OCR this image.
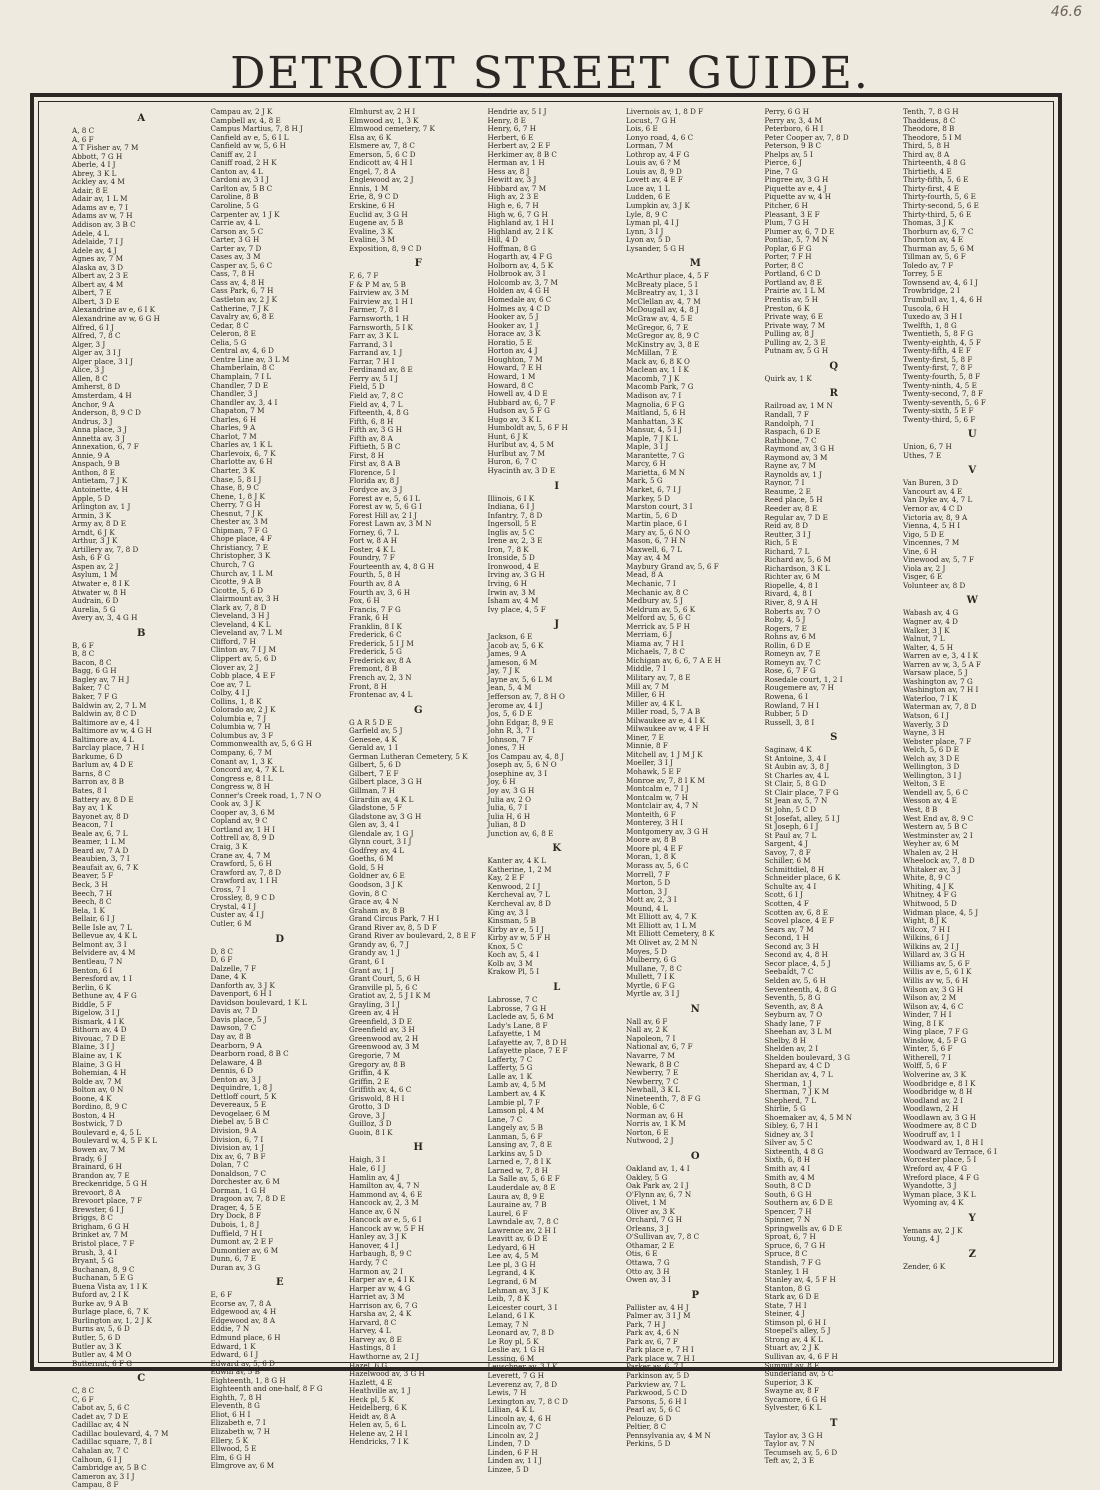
46.6
DETROIT STREET GUIDE.
A
A, 8 C
A, 6 F
A T Fisher av, 7 M
Abbott, 7 G H
Aberle, 4 I J
Abrey, 3 K L
Ackley av, 4 M
Adair, 8 E
Adair av, 1 L M
Adams av e, 7 I
Adams av w, 7 H
Addison av, 3 B C
Adele, 4 L
Adelaide, 7 I J
Adele av, 4 J
Agnes av, 7 M
Alaska av, 3 D
Albert av, 2 3 E
Albert av, 4 M
Albert, 7 E
Albert, 3 D E
Alexandrine av e, 6 I K
Alexandrine av w, 6 G H
Alfred, 6 I J
Alfred, 7, 8 C
Alger, 3 J
Alger av, 3 I J
Alger place, 3 I J
Alice, 3 J
Allen, 8 C
Amherst, 8 D
Amsterdam, 4 H
Anchor, 9 A
Anderson, 8, 9 C D
Andrus, 3 J
Anna place, 3 J
Annetta av, 3 J
Annexation, 6, 7 F
Annie, 9 A
Anspach, 9 B
Anthon, 8 E
Antietam, 7 J K
Antoinette, 4 H
Apple, 5 D
Arlington av, 1 J
Armin, 3 K
Army av, 8 D E
Arndt, 6 J K
Arthur, 3 J K
Artillery av, 7, 8 D
Ash, 6 F G
Aspen av, 2 J
Asylum, 1 M
Atwater e, 8 I K
Atwater w, 8 H
Audrain, 6 D
Aurelia, 5 G
Avery av, 3, 4 G H
B
B, 6 F
B, 8 C
Bacon, 8 C
Bagg, 6 G H
Bagley av, 7 H J
Baker, 7 C
Baker, 7 F G
Baldwin av, 2, 7 L M
Baldwin av, 8 C D
Baltimore av e, 4 I
Baltimore av w, 4 G H
Baltimore av, 4 L
Barclay place, 7 H I
Barkume, 6 D
Barlum av, 4 D E
Barns, 8 C
Barron av, 8 B
Bates, 8 I
Battery av, 8 D E
Bay av, 1 K
Bayonet av, 8 D
Beacon, 7 I
Beale av, 6, 7 L
Beamer, 1 L M
Beard av, 7 A D
Beaubien, 3, 7 I
Beaufait av, 6, 7 K
Beaver, 5 F
Beck, 3 H
Beech, 7 H
Beech, 8 C
Bela, 1 K
Bellair, 6 I J
Belle Isle av, 7 L
Bellevue av, 4 K L
Belmont av, 3 I
Belvidere av, 4 M
Bentleau, 7 N
Benton, 6 I
Beresford av, 1 I
Berlin, 6 K
Bethune av, 4 F G
Biddle, 5 F
Bigelow, 3 I J
Bismark, 4 I K
Bithorn av, 4 D
Bivouac, 7 D E
Blaine, 3 I J
Blaine av, 1 K
Blaine, 3 G H
Bohemian, 4 H
Bolde av, 7 M
Bolton av, 0 N
Boone, 4 K
Bordino, 8, 9 C
Boston, 4 H
Bostwick, 7 D
Boulevard e, 4, 5 L
Boulevard w, 4, 5 F K L
Bowen av, 7 M
Brady, 6 J
Brainard, 6 H
Brandon av, 7 E
Breckenridge, 5 G H
Brevoort, 8 A
Brevoort place, 7 F
Brewster, 6 I J
Briggs, 8 C
Brigham, 6 G H
Brinket av, 7 M
Bristol place, 7 F
Brush, 3, 4 I
Bryant, 5 G
Buchanan, 8, 9 C
Buchanan, 5 E G
Buena Vista av, 1 I K
Buford av, 2 I K
Burke av, 9 A B
Burlage place, 6, 7 K
Burlington av, 1, 2 J K
Burns av, 5, 6 D
Butler, 5, 6 D
Butler av, 3 K
Butler av, 4 M O
Butternut, 6 F G
C
C, 8 C
C, 6 F
Cabot av, 5, 6 C
Cadet av, 7 D E
Cadillac av, 4 N
Cadillac boulevard, 4, 7 M
Cadillac square, 7, 8 I
Cahalan av, 7 C
Calhoun, 6 I J
Cambridge av, 5 B C
Cameron av, 3 I J
Campau, 8 F
Campau av, 2 J K
Campbell av, 4, 8 E
Campus Martius, 7, 8 H J
Canfield av e, 5, 6 I L
Canfield av w, 5, 6 H
Caniff av, 2 I
Caniff road, 2 H K
Canton av, 4 L
Cardoni av, 3 I J
Carlton av, 5 B C
Caroline, 8 B
Caroline, 5 G
Carpenter av, 1 J K
Carrie av, 4 L
Carson av, 5 C
Carter, 3 G H
Carter av, 7 D
Cases av, 3 M
Casper av, 5, 6 C
Cass, 7, 8 H
Cass av, 4, 8 H
Cass Park, 6, 7 H
Castleton av, 2 J K
Catherine, 7 J K
Cavalry av, 6, 8 E
Cedar, 8 C
Celeron, 8 E
Celia, 5 G
Central av, 4, 6 D
Centre Line av, 3 L M
Chamberlain, 8 C
Champlain, 7 I L
Chandler, 7 D E
Chandler, 3 J
Chandler av, 3, 4 I
Chapaton, 7 M
Charles, 6 H
Charles, 9 A
Charlot, 7 M
Charles av, 1 K L
Charlevoix, 6, 7 K
Charlotte av, 6 H
Charter, 3 K
Chase, 5, 8 I J
Chase, 8, 9 C
Chene, 1, 8 J K
Cherry, 7 G H
Chesnut, 7 J K
Chester av, 3 M
Chipman, 7 F G
Chope place, 4 F
Christiancy, 7 E
Christopher, 3 K
Church, 7 G
Church av, 1 L M
Cicotte, 9 A B
Cicotte, 5, 6 D
Clairmount av, 3 H
Clark av, 7, 8 D
Cleveland, 3 H J
Cleveland, 4 K L
Cleveland av, 7 L M
Clifford, 7 H
Clinton av, 7 I J M
Clippert av, 5, 6 D
Clover av, 2 J
Cobb place, 4 E F
Coe av, 7 L
Colby, 4 I J
Collins, 1, 8 K
Colorado av, 2 J K
Columbia e, 7 J
Columbia w, 7 H
Columbus av, 3 F
Commonwealth av, 5, 6 G H
Company, 6, 7 M
Conant av, 1, 3 K
Concord av, 4, 7 K L
Congress e, 8 I L
Congress w, 8 H
Conner's Creek road, 1, 7 N O
Cook av, 3 J K
Cooper av, 3, 6 M
Copland av, 9 C
Cortland av, 1 H I
Cottrell av, 8, 9 D
Craig, 3 K
Crane av, 4, 7 M
Crawford, 5, 6 H
Crawford av, 7, 8 D
Crawford av, 1 I H
Cross, 7 I
Crossley, 8, 9 C D
Crystal, 4 I J
Custer av, 4 I J
Cutler, 6 M
D
D, 8 C
D, 6 F
Dalzelle, 7 F
Dane, 4 K
Danforth av, 3 J K
Davenport, 6 H I
Davidson boulevard, 1 K L
Davis av, 7 D
Davis place, 5 J
Dawson, 7 C
Day av, 8 B
Dearborn, 9 A
Dearborn road, 8 B C
Delaware, 4 B
Dennis, 6 D
Denton av, 3 J
Dequindre, 1, 8 J
Dettloff court, 5 K
Devereaux, 5 E
Devogelaer, 6 M
Diebel av, 5 B C
Division, 9 A
Division, 6, 7 I
Division av, 1 J
Dix av, 6, 7 B F
Dolan, 7 C
Donaldson, 7 C
Dorchester av, 6 M
Dorman, 1 G H
Dragoon av, 7, 8 D E
Drager, 4, 5 E
Dry Dock, 8 F
Dubois, 1, 8 J
Duffield, 7 H I
Dumont av, 2 E F
Dumontier av, 6 M
Dunn, 6, 7 E
Duran av, 3 G
E
E, 6 F
Ecorse av, 7, 8 A
Edgewood av, 4 H
Edgewood av, 8 A
Eddie, 7 N
Edmund place, 6 H
Edward, 1 K
Edward, 6 I J
Edward av, 5, 6 D
Edwin av, 5 B
Eighteenth, 1, 8 G H
Eighteenth and one-half, 8 F G
Eighth, 7, 8 H
Eleventh, 8 G
Eliot, 6 H I
Elizabeth e, 7 I
Elizabeth w, 7 H
Ellery, 5 K
Ellwood, 5 E
Elm, 6 G H
Elmgrove av, 6 M
Elmhurst av, 2 H I
Elmwood av, 1, 3 K
Elmwood cemetery, 7 K
Elsa av, 6 K
Elsmere av, 7, 8 C
Emerson, 5, 6 C D
Endicott av, 4 H I
Engel, 7, 8 A
Englewood av, 2 J
Ennis, 1 M
Erie, 8, 9 C D
Erskine, 6 H
Euclid av, 3 G H
Eugene av, 5 B
Evaline, 3 K
Evaline, 3 M
Exposition, 8, 9 C D
F
F, 6, 7 F
F & P M av, 5 B
Fairview av, 3 M
Fairview av, 1 H I
Farmer, 7, 8 I
Farnsworth, 1 H
Farnsworth, 5 I K
Farr av, 3 K L
Farrand, 3 I
Farrand av, 1 J
Farrar, 7 H I
Ferdinand av, 8 E
Ferry av, 5 I J
Field, 5 D
Field av, 7, 8 C
Field av, 4, 7 L
Fifteenth, 4, 8 G
Fifth, 6, 8 H
Fifth av, 3 G H
Fifth av, 8 A
Fiftieth, 5 B C
First, 8 H
First av, 8 A B
Florence, 5 I
Florida av, 8 J
Fordyce av, 3 J
Forest av e, 5, 6 I L
Forest av w, 5, 6 G I
Forest Hill av, 2 I J
Forest Lawn av, 3 M N
Forney, 6, 7 L
Fort w, 8 A H
Foster, 4 K L
Foundry, 7 F
Fourteenth av, 4, 8 G H
Fourth, 5, 8 H
Fourth av, 8 A
Fourth av, 3, 6 H
Fox, 6 H
Francis, 7 F G
Frank, 6 H
Franklin, 8 I K
Frederick, 6 C
Frederick, 5 I J M
Frederick, 5 G
Frederick av, 8 A
Fremont, 8 B
French av, 2, 3 N
Front, 8 H
Frontenac av, 4 L
G
G A R 5 D E
Garfield av, 5 J
Genesee, 4 K
Gerald av, 1 I
German Lutheran Cemetery, 5 K
Gilbert, 5, 6 D
Gilbert, 7 E F
Gilbert place, 3 G H
Gillman, 7 H
Girardin av, 4 K L
Gladstone, 5 F
Gladstone av, 3 G H
Glen av, 3, 4 I
Glendale av, 1 G J
Glynn court, 3 I J
Godfrey av, 4 L
Goeths, 6 M
Gold, 5 H
Goldner av, 6 E
Goodson, 3 J K
Govin, 8 C
Grace av, 4 N
Graham av, 8 B
Grand Circus Park, 7 H I
Grand River av, 8, 5 D F
Grand River av boulevard, 2, 8 E F
Grandy av, 6, 7 J
Grandy av, 1 J
Grant, 6 I
Grant av, 1 J
Grant Court, 5, 6 H
Granville pl, 5, 6 C
Gratiot av, 2, 5 J I K M
Grayling, 3 I J
Green av, 4 H
Greenfield, 3 D E
Greenfield av, 3 H
Greenwood av, 2 H
Greenwood av, 3 M
Gregorie, 7 M
Gregory av, 8 B
Griffin, 4 K
Griffin, 2 E
Griffith av, 4, 6 C
Griswold, 8 H I
Grotto, 3 D
Grove, 3 J
Guilloz, 3 D
Guoin, 8 I K
H
Haigh, 3 I
Hale, 6 I J
Hamlin av, 4 J
Hamilton av, 4, 7 N
Hammond av, 4, 6 E
Hancock av, 2, 3 M
Hance av, 6 N
Hancock av e, 5, 6 I
Hancock av w, 5 F H
Hanley av, 3 J K
Hanover, 4 I J
Harbaugh, 8, 9 C
Hardy, 7 C
Harmon av, 2 I
Harper av e, 4 I K
Harper av w, 4 G
Harriet av, 3 M
Harrison av, 6, 7 G
Harsha av, 2, 4 K
Harvard, 8 C
Harvey, 4 L
Harvey av, 8 E
Hastings, 8 I
Hawthorne av, 2 I J
Hazel, 6 G
Hazelwood av, 3 G H
Hazlett, 4 E
Heathville av, 1 J
Heck pl, 5 K
Heidelberg, 6 K
Heidt av, 8 A
Helen av, 5, 6 L
Helene av, 2 H I
Hendricks, 7 I K
Hendrie av, 5 I J
Henry, 8 E
Henry, 6, 7 H
Herbert, 6 E
Herbert av, 2 E F
Herkimer av, 8 B C
Herman av, 1 H
Hess av, 8 J
Hewitt av, 3 J
Hibbard av, 7 M
High av, 2 3 E
High e, 6, 7 H
High w, 6, 7 G H
Highland av, 1 H I
Highland av, 2 I K
Hill, 4 D
Hoffman, 8 G
Hogarth av, 4 F G
Holborn av, 4, 5 K
Holbrook av, 3 I
Holcomb av, 3, 7 M
Holden av, 4 G H
Homedale av, 6 C
Holmes av, 4 C D
Hooker av, 5 J
Hooker av, 1 J
Horace av, 3 K
Horatio, 5 E
Horton av, 4 J
Houghton, 7 M
Howard, 7 E H
Howard, 1 M
Howard, 8 C
Howell av, 4 D E
Hubbard av, 6, 7 F
Hudson av, 5 F G
Hugo av, 3 K L
Humboldt av, 5, 6 F H
Hunt, 6 J K
Hurlbut av, 4, 5 M
Hurlbut av, 7 M
Huron, 6, 7 C
Hyacinth av, 3 D E
I
Illinois, 6 I K
Indiana, 6 I J
Infantry, 7, 8 D
Ingersoll, 5 E
Inglis av, 5 C
Irene av, 2, 3 E
Iron, 7, 8 K
Ironside, 5 D
Ironwood, 4 E
Irving av, 3 G H
Irving, 6 H
Irwin av, 3 M
Isham av, 4 M
Ivy place, 4, 5 F
J
Jackson, 6 E
Jacob av, 5, 6 K
James, 9 A
Jameson, 6 M
Jay, 7 J K
Jayne av, 5, 6 L M
Jean, 5, 4 M
Jefferson av, 7, 8 H O
Jerome av, 4 I J
Jos, 5, 6 D E
John Edgar, 8, 9 E
John R, 3, 7 I
Johnson, 7 F
Jones, 7 H
Jos Campau av, 4, 8 J
Joseph av, 5, 6 N O
Josephine av, 3 I
Joy, 6 H
Joy av, 3 G H
Julia av, 2 O
Julia, 6, 7 I
Julia H, 6 H
Julian, 8 D
Junction av, 6, 8 E
K
Kanter av, 4 K L
Katherine, 1, 2 M
Kay, 2 E F
Kenwood, 2 I J
Kercheval av, 7 L
Kercheval av, 8 D
King av, 3 I
Kinsman, 5 B
Kirby av e, 5 I J
Kirby av w, 5 F H
Knox, 5 C
Koch av, 5, 4 I
Kolb av, 3 M
Krakow Pl, 5 I
L
Labrosse, 7 C
Labrosse, 7 G H
Laclede av, 5, 6 M
Lady's Lane, 8 F
Lafayette, 1 M
Lafayette av, 7, 8 D H
Lafayette place, 7 E F
Lafferty, 7 C
Lafferty, 5 G
Lalle av, 1 K
Lamb av, 4, 5 M
Lambert av, 4 K
Lambie pl, 7 F
Lamson pl, 4 M
Lane, 7 C
Langely av, 5 B
Lanman, 5, 6 F
Lansing av, 7, 8 E
Larkins av, 5 D
Larned e, 7, 8 I K
Larned w, 7, 8 H
La Salle av, 5, 6 E F
Lauderdale av, 8 E
Laura av, 8, 9 E
Lauraine av, 7 B
Laurel, 6 F
Lawndale av, 7, 8 C
Lawrence av, 2 H I
Leavitt av, 6 D E
Ledyard, 6 H
Lee av, 4, 5 M
Lee pl, 3 G H
Legrand, 4 K
Legrand, 6 M
Lehman av, 3 J K
Leib, 7, 8 K
Leicester court, 3 I
Leland, 6 I K
Lemay, 7 N
Leonard av, 7, 8 D
Le Roy pl, 5 K
Leslie av, 1 G H
Lessing, 6 M
Leuschner av, 3 J K
Leverett, 7 G H
Leverenz av, 7, 8 D
Lewis, 7 H
Lexington av, 7, 8 C D
Lillian, 4 K L
Lincoln av, 4, 6 H
Lincoln av, 7 C
Lincoln av, 2 J
Linden, 7 D
Linden, 6 F H
Linden av, 1 I J
Linzee, 5 D
Livernois av, 1, 8 D F
Locust, 7 G H
Lois, 6 E
Lonyo road, 4, 6 C
Lorman, 7 M
Lothrop av, 4 F G
Louis av, 6 ? M
Louis av, 8, 9 D
Lovett av, 4 E F
Luce av, 1 L
Ludden, 6 E
Lumpkin av, 3 J K
Lyle, 8, 9 C
Lyman pl, 4 I J
Lynn, 3 I J
Lyon av, 5 D
Lysander, 5 G H
M
McArthur place, 4, 5 F
McBreaty place, 5 I
McBreatry av, 1, 3 I
McClellan av, 4, 7 M
McDougall av, 4, 8 J
McGraw av, 4, 5 E
McGregor, 6, 7 E
McGregor av, 8, 9 C
McKinstry av, 3, 8 E
McMillan, 7 E
Mack av, 6, 8 K O
Maclean av, 1 I K
Macomb, 7 J K
Macomb Park, 7 G
Madison av, 7 I
Magnolia, 6 F G
Maitland, 5, 6 H
Manhattan, 3 K
Mansur, 4, 5 I J
Maple, 7 J K L
Maple, 3 I J
Marantette, 7 G
Marcy, 6 H
Marietta, 6 M N
Mark, 5 G
Market, 6, 7 I J
Markey, 5 D
Marston court, 3 I
Martin, 5, 6 D
Martin place, 6 I
Mary av, 5, 6 N O
Mason, 6, 7 H N
Maxwell, 6, 7 L
May av, 4 M
Maybury Grand av, 5, 6 F
Mead, 8 A
Mechanic, 7 I
Mechanic av, 8 C
Medbury av, 5 J
Meldrum av, 5, 6 K
Melford av, 5, 6 C
Merrick av, 5 F H
Merriam, 6 J
Miama av, 7 H I
Michaels, 7, 8 C
Michigan av, 6, 6, 7 A E H
Middle, 7 I
Military av, 7, 8 E
Mill av, 7 M
Miller, 6 H
Miller av, 4 K L
Miller road, 5, 7 A B
Milwaukee av e, 4 I K
Milwaukee av w, 4 F H
Miner, 7 E
Minnie, 8 F
Mitchell av, 1 J M J K
Moeller, 3 I J
Mohawk, 5 E F
Monroe av, 7, 8 I K M
Montcalm e, 7 I J
Montcalm w, 7 H
Montclair av, 4, 7 N
Monteith, 6 F
Monterey, 3 H I
Montgomery av, 3 G H
Moore av, 8 B
Moore pl, 4 E F
Moran, 1, 8 K
Morass av, 5, 6 C
Morrell, 7 F
Morton, 5 D
Morton, 3 J
Mott av, 2, 3 I
Mound, 4 L
Mt Elliott av, 4, 7 K
Mt Elliott av, 1 L M
Mt Elliott Cemetery, 8 K
Mt Olivet av, 2 M N
Moyes, 5 D
Mulberry, 6 G
Mullane, 7, 8 C
Mullett, 7 I K
Myrtle, 6 F G
Myrtle av, 3 I J
N
Nall av, 6 F
Nall av, 2 K
Napoleon, 7 I
National av, 6, 7 F
Navarre, 7 M
Newark, 8 B C
Newberry, 7 E
Newberry, 7 C
Newhall, 3 K L
Nineteenth, 7, 8 F G
Noble, 6 C
Norman av, 6 H
Norris av, 1 K M
Norton, 6 E
Nutwood, 2 J
O
Oakland av, 1, 4 I
Oakley, 5 G
Oak Park av, 2 I J
O'Flynn av, 6, 7 N
Olivet, 1 M
Oliver av, 3 K
Orchard, 7 G H
Orleans, 3 J
O'Sullivan av, 7, 8 C
Othamar, 2 E
Otis, 6 E
Ottawa, 7 G
Otto av, 3 H
Owen av, 3 I
P
Pallister av, 4 H J
Palmer av, 3 I J M
Park, 7 H J
Park av, 4, 6 N
Park av, 6, 7 F
Park place e, 7 H I
Park place w, 7 H I
Parker av, 6, 7 L
Parkinson av, 5 D
Parkview av, 7 L
Parkwood, 5 C D
Parsons, 5, 6 H I
Pearl av, 5, 6 C
Pelouze, 6 D
Peltier, 8 C
Pennsylvania av, 4 M N
Perkins, 5 D
Perry, 6 G H
Perry av, 3, 4 M
Peterboro, 6 H I
Peter Cooper av, 7, 8 D
Peterson, 9 B C
Phelps av, 5 I
Pierce, 6 J
Pine, 7 G
Pingree av, 3 G H
Piquette av e, 4 J
Piquette av w, 4 H
Pitcher, 6 H
Pleasant, 3 E F
Plum, 7 G H
Plumer av, 6, 7 D E
Pontiac, 5, 7 M N
Poplar, 6 F G
Porter, 7 F H
Porter, 8 C
Portland, 6 C D
Portland av, 8 E
Prairie av, 1 L M
Prentis av, 5 H
Preston, 6 K
Private way, 6 E
Private way, 7 M
Pulling av, 8 J
Pulling av, 2, 3 E
Putnam av, 5 G H
Q
Quirk av, 1 K
R
Railroad av, 1 M N
Randall, 7 F
Randolph, 7 I
Raspach, 6 D E
Rathbone, 7 C
Raymond av, 3 G H
Raymond av, 3 M
Rayne av, 7 M
Raynolds av, 1 J
Raynor, 7 I
Reaume, 2 E
Reed place, 5 H
Reeder av, 8 E
Regular av, 7 D E
Reid av, 8 D
Reutter, 3 I J
Rich, 5 E
Richard, 7 L
Richard av, 5, 6 M
Richardson, 3 K L
Richter av, 6 M
Riopelle, 4, 8 I
Rivard, 4, 8 I
River, 8, 9 A H
Roberts av, 7 O
Roby, 4, 5 J
Rogers, 7 E
Rohns av, 6 M
Rollin, 6 D E
Romeyn av, 7 E
Romeyn av, 7 C
Rose, 6, 7 F G
Rosedale court, 1, 2 I
Rougemere av, 7 H
Rowena, 6 I
Rowland, 7 H I
Rubber, 5 D
Russell, 3, 8 I
S
Saginaw, 4 K
St Antoine, 3, 4 I
St Aubin av, 3, 8 J
St Charles av, 4 L
St Clair, 5, 8 G D
St Clair place, 7 F G
St Jean av, 5, 7 N
St John, 5 C D
St Josefat, alley, 5 I J
St Joseph, 6 I J
St Paul av, 7 L
Sargent, 4 J
Savoy, 7, 8 F
Schiller, 6 M
Schmittdiel, 8 H
Schneider place, 6 K
Schulte av, 4 I
Scott, 6 I J
Scotten, 4 F
Scotten av, 6, 8 E
Scovel place, 4 E F
Sears av, 7 M
Second, 1 H
Second av, 3 H
Second av, 4, 8 H
Secor place, 4, 5 J
Seebaldt, 7 C
Selden av, 5, 6 H
Seventeenth, 4, 8 G
Seventh, 5, 8 G
Seventh, av, 8 A
Seyburn av, 7 O
Shady lane, 7 F
Sheehan av, 3 L M
Shelby, 8 H
Shelden av, 2 I
Shelden boulevard, 3 G
Shepard av, 4 C D
Sheridan av, 4, 7 L
Sherman, 1 J
Sherman, 7 J K M
Shepherd, 7 L
Shirlie, 5 G
Shoemaker av, 4, 5 M N
Sibley, 6, 7 H I
Sidney av, 3 I
Silver av, 5 C
Sixteenth, 4 8 G
Sixth, 6, 8 H
Smith av, 4 I
Smith av, 4 M
South, 8 C D
South, 6 G H
Southern av, 6 D E
Spencer, 7 H
Spinner, 7 N
Springwells av, 6 D E
Sproat, 6, 7 H
Spruce, 6, 7 G H
Spruce, 8 C
Standish, 7 F G
Stanley, 1 H
Stanley av, 4, 5 F H
Stanton, 8 G
Stark av, 6 D E
State, 7 H I
Steiner, 4 J
Stimson pl, 6 H I
Stoepel's alley, 5 J
Strong av, 4 K L
Stuart av, 2 J K
Sullivan av, 4, 6 F H
Summit av, 8 E
Sunderland av, 5 C
Superior, 3 K
Swayne av, 8 F
Sycamore, 6 G H
Sylvester, 6 K L
T
Taylor av, 3 G H
Taylor av, 7 N
Tecumseh av, 5, 6 D
Teft av, 2, 3 E
Tenth, 7, 8 G H
Thaddeus, 8 C
Theodore, 8 B
Theodore, 5 I M
Third, 5, 8 H
Third av, 8 A
Thirteenth, 4 8 G
Thirtieth, 4 E
Thirty-fifth, 5, 6 E
Thirty-first, 4 E
Thirty-fourth, 5, 6 E
Thirty-second, 5, 6 E
Thirty-third, 5, 6 E
Thomas, 3 J K
Thorburn av, 6, 7 C
Thornton av, 4 E
Thurman av, 5, 6 M
Tillman av, 5, 6 F
Toledo av, 7 F
Torrey, 5 E
Townsend av, 4, 6 I J
Trowbridge, 2 I
Trumbull av, 1, 4, 6 H
Tuscola, 6 H
Tuxedo av, 3 H I
Twelfth, 1, 8 G
Twentieth, 5, 8 F G
Twenty-eighth, 4, 5 F
Twenty-fifth, 4 E F
Twenty-first, 5, 8 F
Twenty-first, 7, 8 F
Twenty-fourth, 5, 8 F
Twenty-ninth, 4, 5 E
Twenty-second, 7, 8 F
Twenty-seventh, 5, 6 F
Twenty-sixth, 5 E F
Twenty-third, 5, 6 F
U
Union, 6, 7 H
Uthes, 7 E
V
Van Buren, 3 D
Vancourt av, 4 E
Van Dyke av, 4, 7 L
Vernor av, 4 C D
Victoria av, 8, 9 A
Vienna, 4, 5 H I
Vigo, 5 D E
Vincennes, 7 M
Vine, 6 H
Vinewood av, 5, 7 F
Viola av, 2 J
Visger, 6 E
Volunteer av, 8 D
W
Wabash av, 4 G
Wagner av, 4 D
Walker, 3 J K
Walnut, 7 L
Walter, 4, 5 H
Warren av e, 3, 4 I K
Warren av w, 3, 5 A F
Warsaw place, 5 J
Washington av, 7 G
Washington av, 7 H I
Waterloo, 7 I K
Waterman av, 7, 8 D
Watson, 6 I J
Waverly, 3 D
Wayne, 3 H
Webster place, 7 F
Welch, 5, 6 D E
Welch av, 3 D E
Wellington, 3 D
Wellington, 3 I J
Welton, 3 E
Wendell av, 5, 6 C
Wesson av, 4 E
West, 8 B
West End av, 8, 9 C
Western av, 5 B C
Westminster av, 2 I
Weyher av, 6 M
Whalen av, 2 H
Wheelock av, 7, 8 D
Whitaker av, 3 J
White, 8, 9 C
Whiting, 4 J K
Whitney, 4 F G
Whitwood, 5 D
Widman place, 4, 5 J
Wight, 8 J K
Wilcox, 7 H I
Wilkins, 6 I J
Wilkins av, 2 I J
Willard av, 3 G H
Williams av, 5, 6 F
Willis av e, 5, 6 I K
Willis av w, 5, 6 H
Wilson av, 3 G H
Wilson av, 2 M
Wilson av, 4, 6 C
Winder, 7 H I
Wing, 8 I K
Wing place, 7 F G
Winslow, 4, 5 F G
Winter, 5, 6 F
Witherell, 7 I
Wolff, 5, 6 F
Wolverine av, 3 K
Woodbridge e, 8 I K
Woodbridge w, 8 H
Woodland av, 2 I
Woodlawn, 2 H
Woodlawn av, 3 G H
Woodmere av, 8 C D
Woodruff av, 1 I
Woodward av, 1, 8 H I
Woodward av Terrace, 6 I
Worcester place, 5 I
Wreford av, 4 F G
Wreford place, 4 F G
Wyandotte, 3 J
Wyman place, 3 K L
Wyoming av, 4 K
Y
Yemans av, 2 J K
Young, 4 J
Z
Zender, 6 K
